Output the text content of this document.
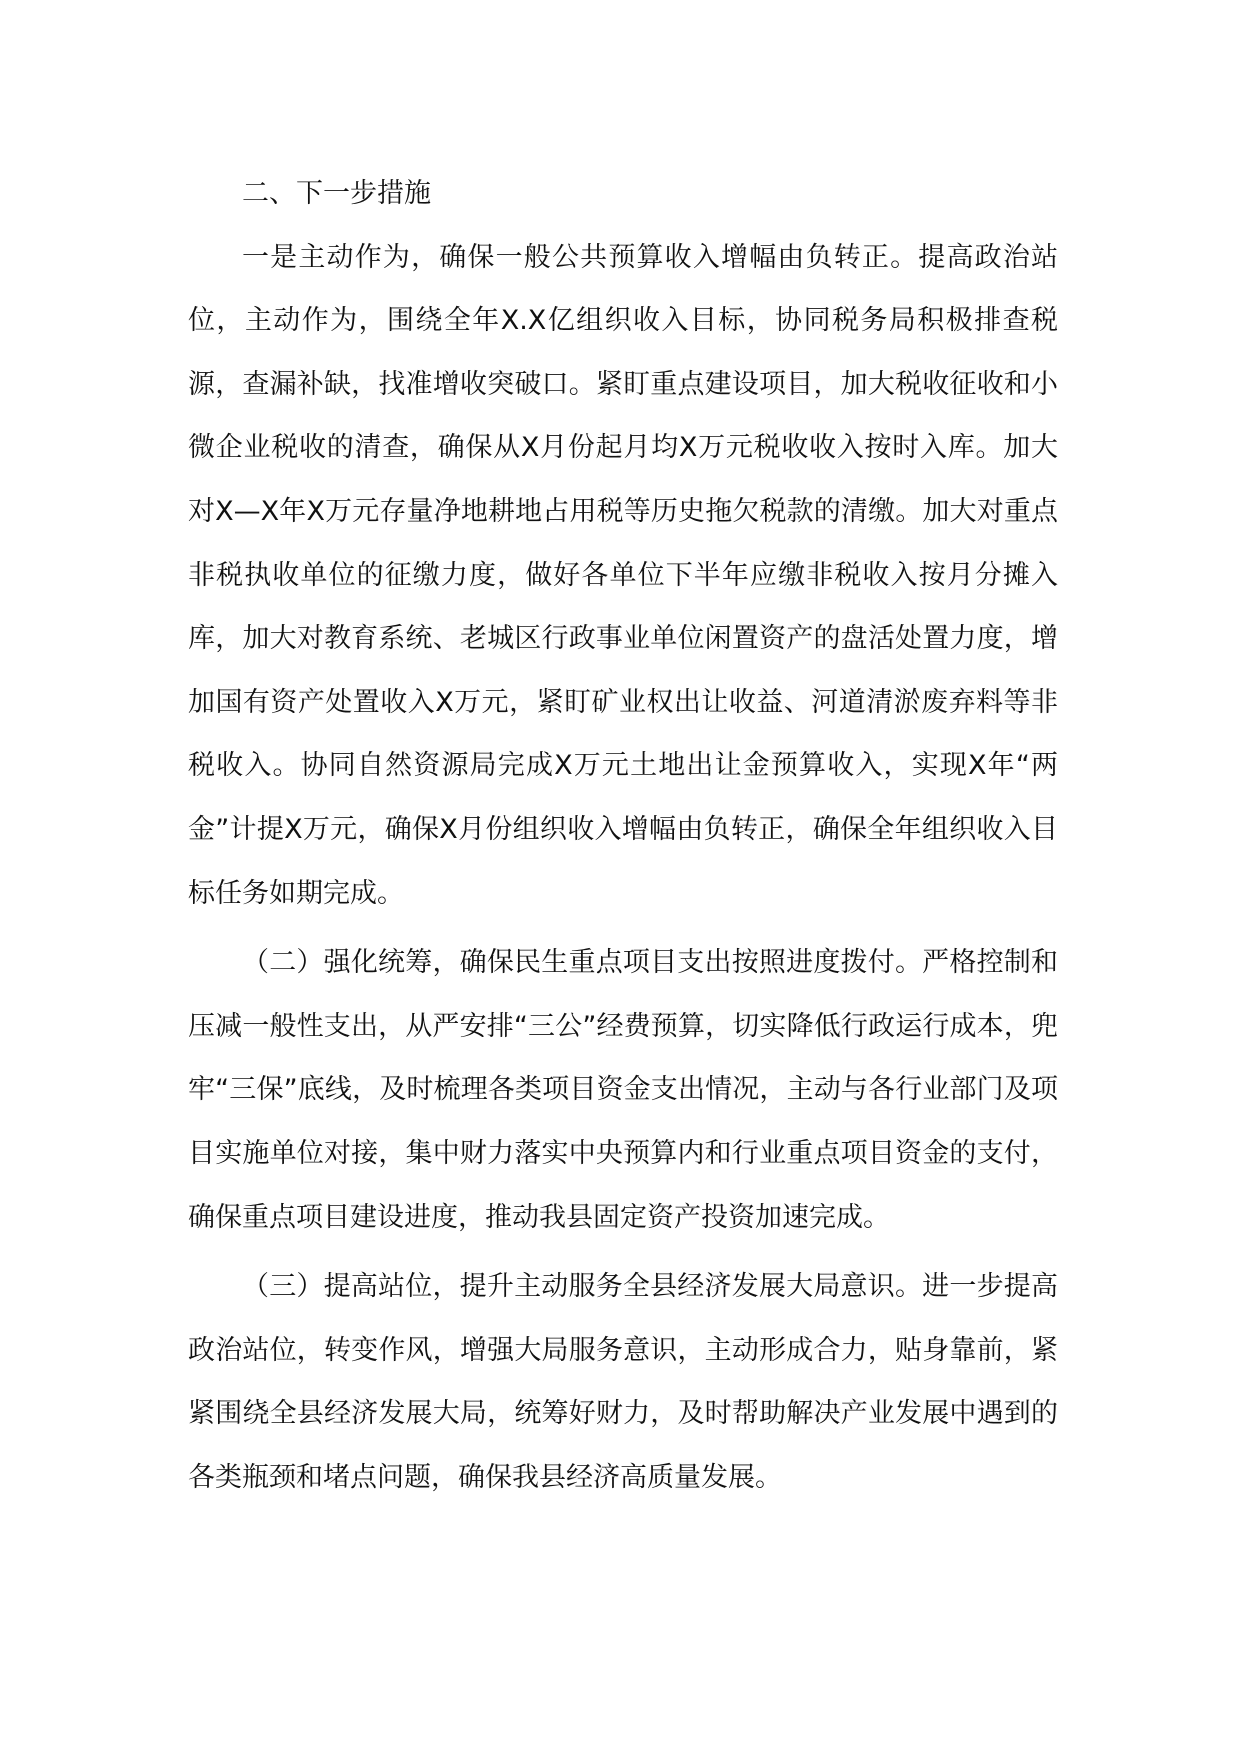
二、下一步措施

一是主动作为，确保一般公共预算收入增幅由负转正。提高政治站位，主动作为，围绕全年X.X亿组织收入目标，协同税务局积极排查税源，查漏补缺，找准增收突破口。紧盯重点建设项目，加大税收征收和小微企业税收的清查，确保从X月份起月均X万元税收收入按时入库。加大对X—X年X万元存量净地耕地占用税等历史拖欠税款的清缴。加大对重点非税执收单位的征缴力度，做好各单位下半年应缴非税收入按月分摊入库，加大对教育系统、老城区行政事业单位闲置资产的盘活处置力度，增加国有资产处置收入X万元，紧盯矿业权出让收益、河道清淤废弃料等非税收入。协同自然资源局完成X万元土地出让金预算收入，实现X年“两金”计提X万元，确保X月份组织收入增幅由负转正，确保全年组织收入目标任务如期完成。

（二）强化统筹，确保民生重点项目支出按照进度拨付。严格控制和压减一般性支出，从严安排“三公”经费预算，切实降低行政运行成本，兜牢“三保”底线，及时梳理各类项目资金支出情况，主动与各行业部门及项目实施单位对接，集中财力落实中央预算内和行业重点项目资金的支付，确保重点项目建设进度，推动我县固定资产投资加速完成。

（三）提高站位，提升主动服务全县经济发展大局意识。进一步提高政治站位，转变作风，增强大局服务意识，主动形成合力，贴身靠前，紧紧围绕全县经济发展大局，统筹好财力，及时帮助解决产业发展中遇到的各类瓶颈和堵点问题，确保我县经济高质量发展。
